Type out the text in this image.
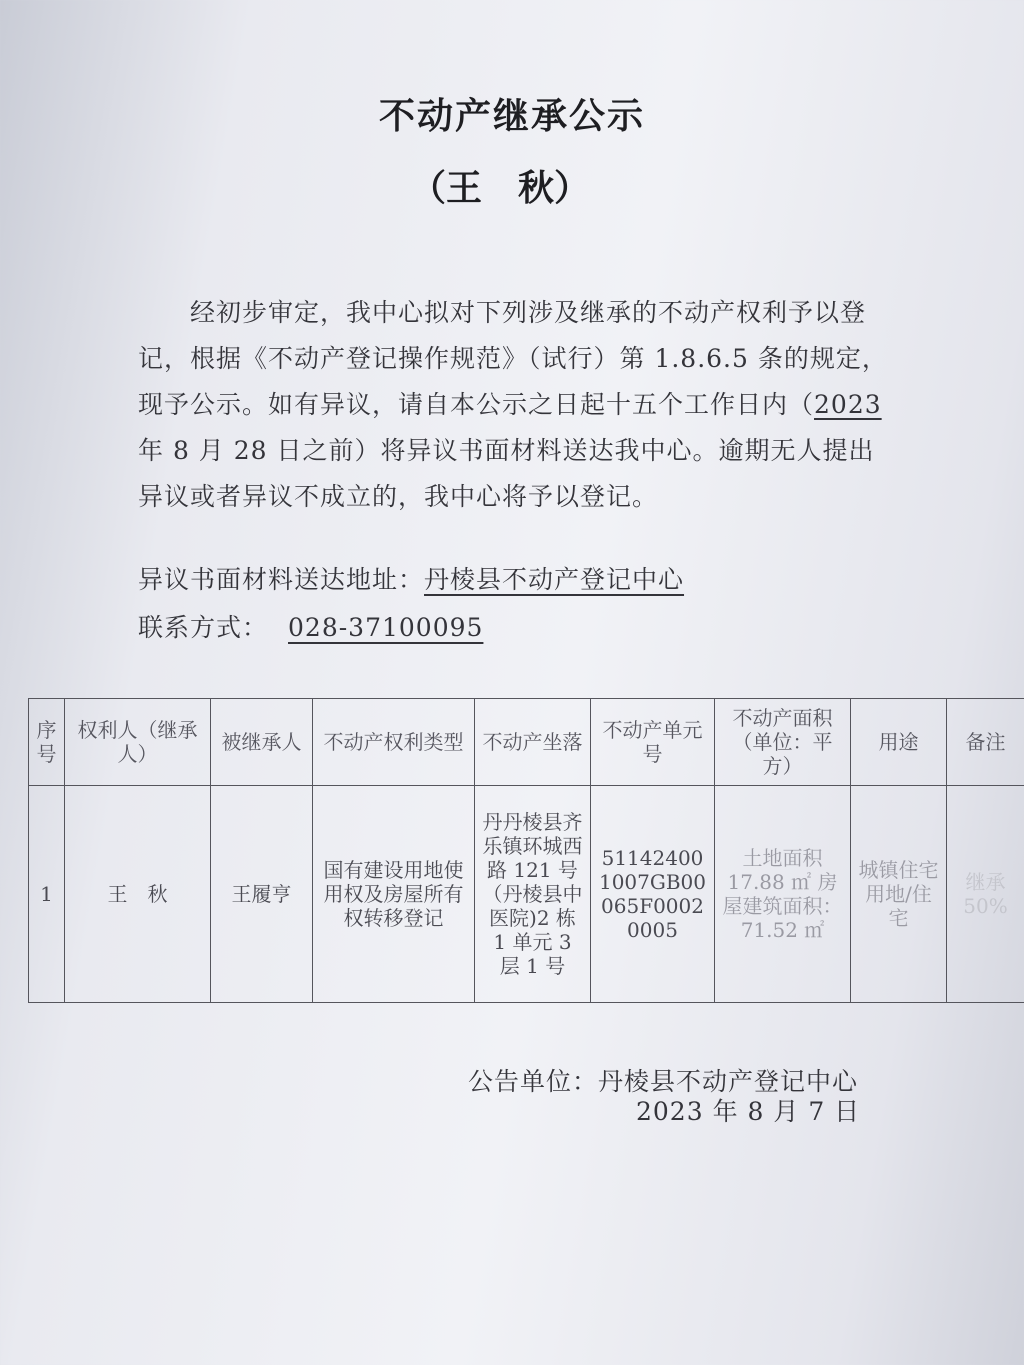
不动产继承公示
（王　秋）
经初步审定，我中心拟对下列涉及继承的不动产权利予以登记，根据《不动产登记操作规范》（试行）第 1.8.6.5 条的规定，现予公示。如有异议，请自本公示之日起十五个工作日内（2023 年 8 月 28 日之前）将异议书面材料送达我中心。逾期无人提出异议或者异议不成立的，我中心将予以登记。
异议书面材料送达地址：丹棱县不动产登记中心
联系方式： 028-37100095
序号	权利人（继承人）	被继承人	不动产权利类型	不动产坐落	不动产单元号	不动产面积（单位：平方）	用途	备注
1	王　秋	王履亨	国有建设用地使用权及房屋所有权转移登记	丹丹棱县齐乐镇环城西路 121 号（丹棱县中医院)2 栋 1 单元 3 层 1 号	511424001007GB00065F00020005	土地面积 17.88 ㎡ 房屋建筑面积：71.52 ㎡	城镇住宅用地/住宅	继承 50%
公告单位：丹棱县不动产登记中心
2023 年 8 月 7 日
